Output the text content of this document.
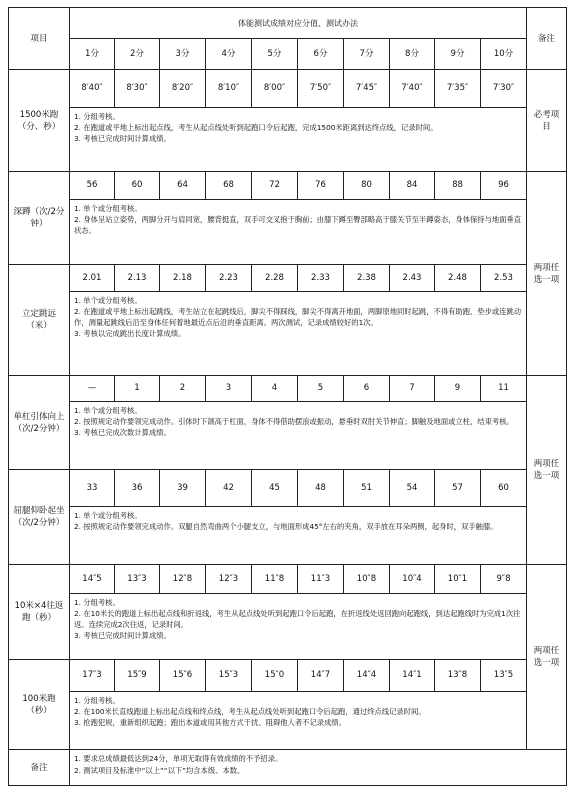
项目	体能测试成绩对应分值、测试办法										备注
	1分	2分	3分	4分	5分	6分	7分	8分	9分	10分	
1500米跑（分、秒）	8′40″	8′30″	8′20″	8′10″	8′00″	7′50″	7′45″	7′40″	7′35″	7′30″	必考项目

	1. 分组考核。
2. 在跑道或平地上标出起点线，考生从起点线处听到起跑口令后起跑，完成1500米距离到达终点线，记录时间。
3. 考核已完成时间计算成绩。										

深蹲（次/2分钟）	56	60	64	68	72	76	80	84	88	96	两项任选一项

	1. 单个或分组考核。
2. 身体呈站立姿势，两脚分开与肩同宽，腰背挺直，双手可交叉抱于胸前；由膝下蹲至臀部略高于膝关节至半蹲姿态，身体保持与地面垂直状态。										

立定跳远（米）	2.01	2.13	2.18	2.23	2.28	2.33	2.38	2.43	2.48	2.53	

	1. 单个或分组考核。
2. 在跑道或平地上标出起跳线，考生站立在起跳线后，脚尖不得踩线，脚尖不得离开地面，两脚原地同时起跳，不得有助跑、垫步或连跳动作，测量起跳线后沿至身体任何着地最近点后沿的垂直距离。两次测试，记录成绩较好的1次。
3. 考核以完成跳出长度计算成绩。										

单杠引体向上（次/2分钟）	—	1	2	3	4	5	6	7	9	11	两项任选一项

	1. 单个或分组考核。
2. 按照规定动作要领完成动作。引体时下颌高于杠面，身体不得借助摆浪或振动，悬垂时双肘关节伸直；脚触及地面或立柱，结束考核。
3. 考核已完成次数计算成绩。										

屈腿仰卧起坐（次/2分钟）	33	36	39	42	45	48	51	54	57	60	

	1. 单个或分组考核。
2. 按照规定动作要领完成动作。双腿自然弯曲两个小腿支立，与地面形成45°左右的夹角，双手放在耳朵两侧，起身时，双手触膝。										

10米×4往返跑（秒）	14″5	13″3	12″8	12″3	11″8	11″3	10″8	10″4	10″1	9″8	两项任选一项

	1. 分组考核。
2. 在10米长的跑道上标出起点线和折返线，考生从起点线处听到起跑口令后起跑，在折返线处返回跑向起跑线，到达起跑线时为完成1次往返。连续完成2次往返，记录时间。
3. 考核已完成时间计算成绩。										

100米跑（秒）	17″3	15″9	15″6	15″3	15″0	14″7	14″4	14″1	13″8	13″5	

	1. 分组考核。
2. 在100米长直线跑道上标出起点线和终点线，考生从起点线处听到起跑口令后起跑，通过终点线记录时间。
3. 抢跑犯规，重新组织起跑；跑出本道或用其他方式干扰、阻碍他人者不记录成绩。										

备注	1. 要求总成绩最低达到24分，单项无取得有效成绩的不予招录。
2. 测试项目及标准中“以上”“以下”均含本级、本数。										
